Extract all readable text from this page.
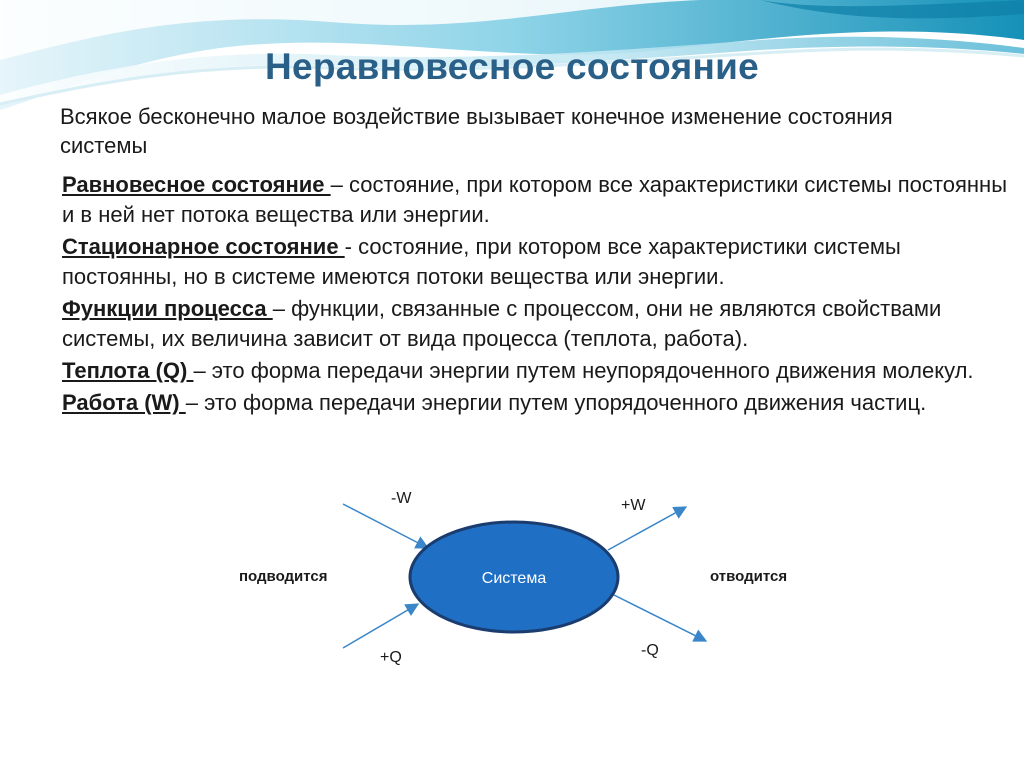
Неравновесное состояние
Всякое бесконечно малое воздействие вызывает конечное изменение состояния системы

Равновесное состояние – состояние, при котором все характеристики системы постоянны и в ней нет потока вещества или энергии.

Стационарное состояние - состояние, при котором все характеристики системы постоянны, но в системе имеются потоки вещества или энергии.

Функции процесса – функции, связанные с процессом, они не являются свойствами системы, их величина зависит от вида процесса (теплота, работа).

Теплота (Q) – это форма передачи энергии путем неупорядоченного движения молекул.

Работа (W) – это форма передачи энергии путем упорядоченного движения частиц.

Система
подводится	отводится
-W
+Q
+W
-Q
